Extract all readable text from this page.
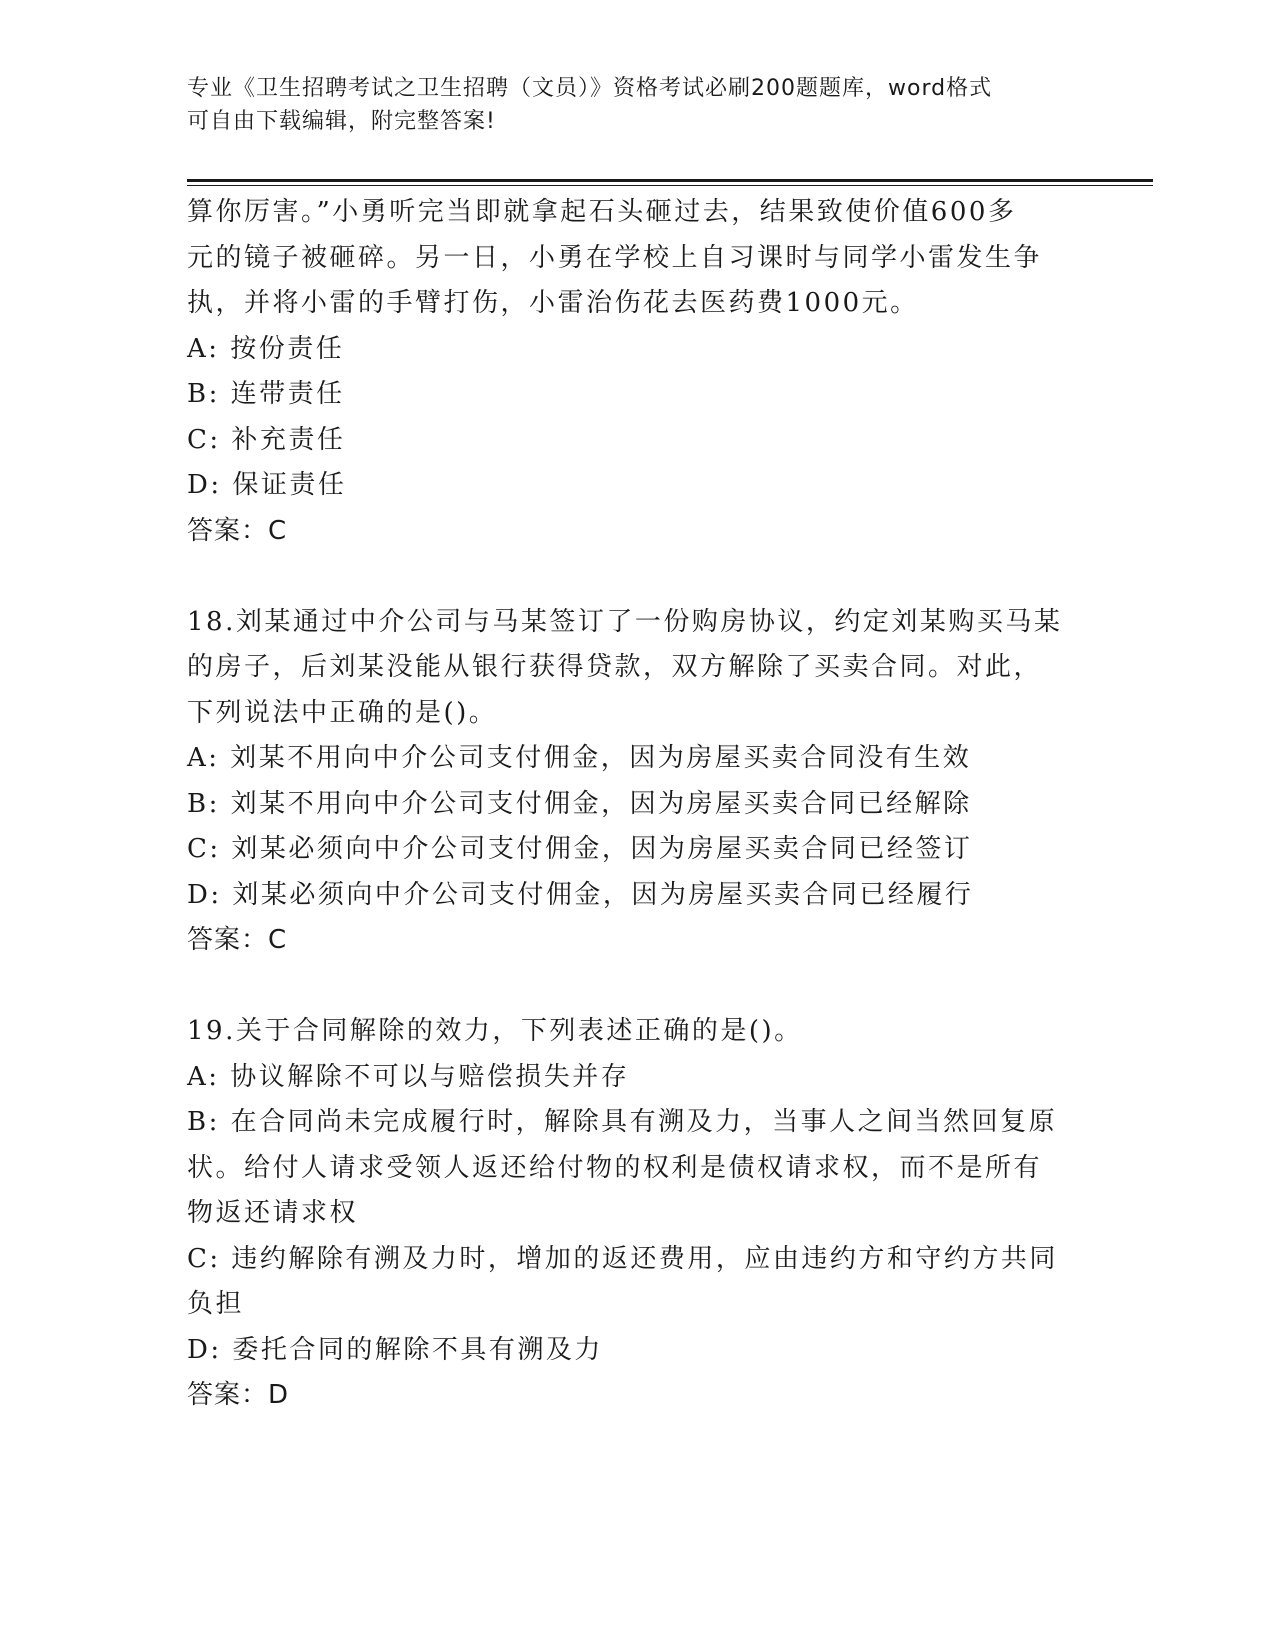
专业《卫生招聘考试之卫生招聘（文员）》资格考试必刷200题题库，word格式
可自由下载编辑，附完整答案!
算你厉害。”小勇听完当即就拿起石头砸过去，结果致使价值600多
元的镜子被砸碎。另一日，小勇在学校上自习课时与同学小雷发生争
执，并将小雷的手臂打伤，小雷治伤花去医药费1000元。
A: 按份责任
B: 连带责任
C: 补充责任
D: 保证责任
答案：C
18.刘某通过中介公司与马某签订了一份购房协议，约定刘某购买马某
的房子，后刘某没能从银行获得贷款，双方解除了买卖合同。对此，
下列说法中正确的是()。
A: 刘某不用向中介公司支付佣金，因为房屋买卖合同没有生效
B: 刘某不用向中介公司支付佣金，因为房屋买卖合同已经解除
C: 刘某必须向中介公司支付佣金，因为房屋买卖合同已经签订
D: 刘某必须向中介公司支付佣金，因为房屋买卖合同已经履行
答案：C
19.关于合同解除的效力，下列表述正确的是()。
A: 协议解除不可以与赔偿损失并存
B: 在合同尚未完成履行时，解除具有溯及力，当事人之间当然回复原
状。给付人请求受领人返还给付物的权利是债权请求权，而不是所有
物返还请求权
C: 违约解除有溯及力时，增加的返还费用，应由违约方和守约方共同
负担
D: 委托合同的解除不具有溯及力
答案：D
